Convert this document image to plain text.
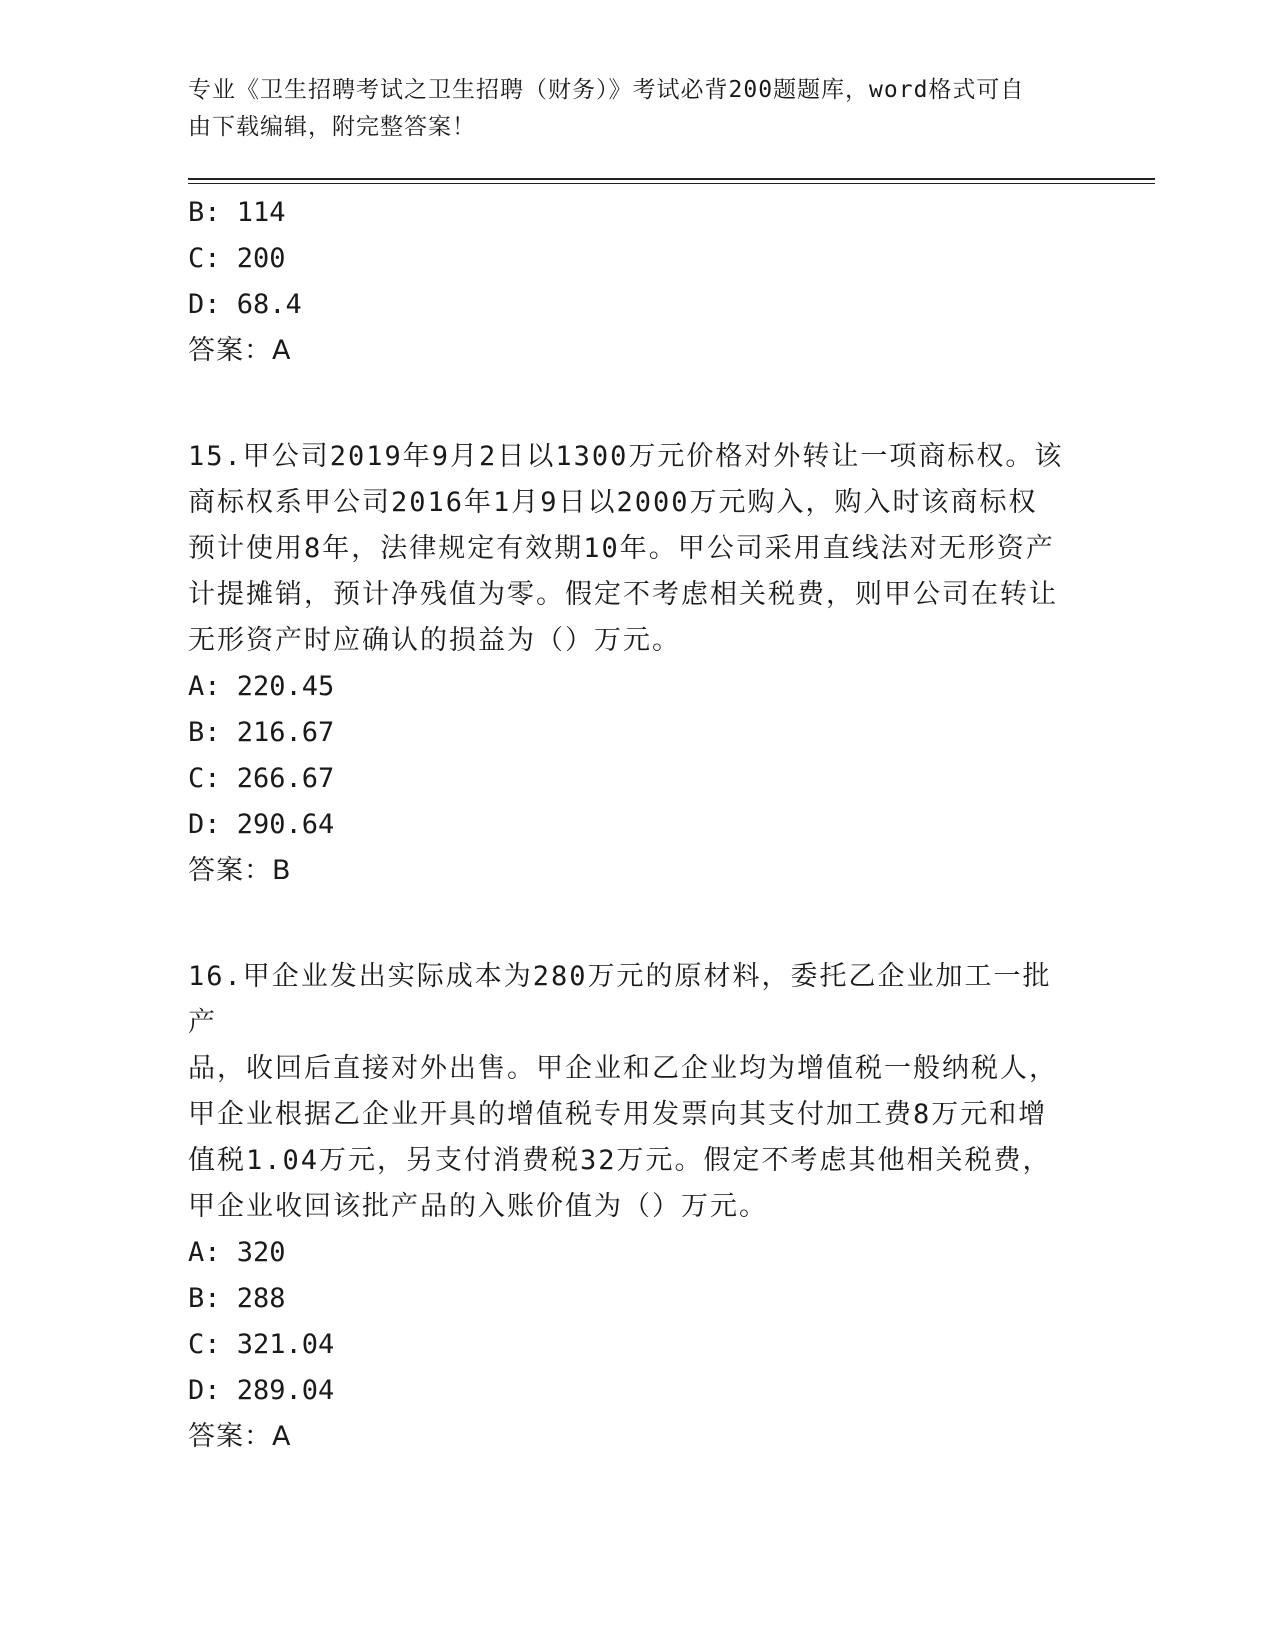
专业《卫生招聘考试之卫生招聘（财务）》考试必背200题题库，word格式可自
由下载编辑，附完整答案！
B: 114
C: 200
D: 68.4
答案：A
15.甲公司2019年9月2日以1300万元价格对外转让一项商标权。该
商标权系甲公司2016年1月9日以2000万元购入，购入时该商标权
预计使用8年，法律规定有效期10年。甲公司采用直线法对无形资产
计提摊销，预计净残值为零。假定不考虑相关税费，则甲公司在转让
无形资产时应确认的损益为（）万元。
A: 220.45
B: 216.67
C: 266.67
D: 290.64
答案：B
16.甲企业发出实际成本为280万元的原材料，委托乙企业加工一批产
品，收回后直接对外出售。甲企业和乙企业均为增值税一般纳税人，
甲企业根据乙企业开具的增值税专用发票向其支付加工费8万元和增
值税1.04万元，另支付消费税32万元。假定不考虑其他相关税费，
甲企业收回该批产品的入账价值为（）万元。
A: 320
B: 288
C: 321.04
D: 289.04
答案：A
